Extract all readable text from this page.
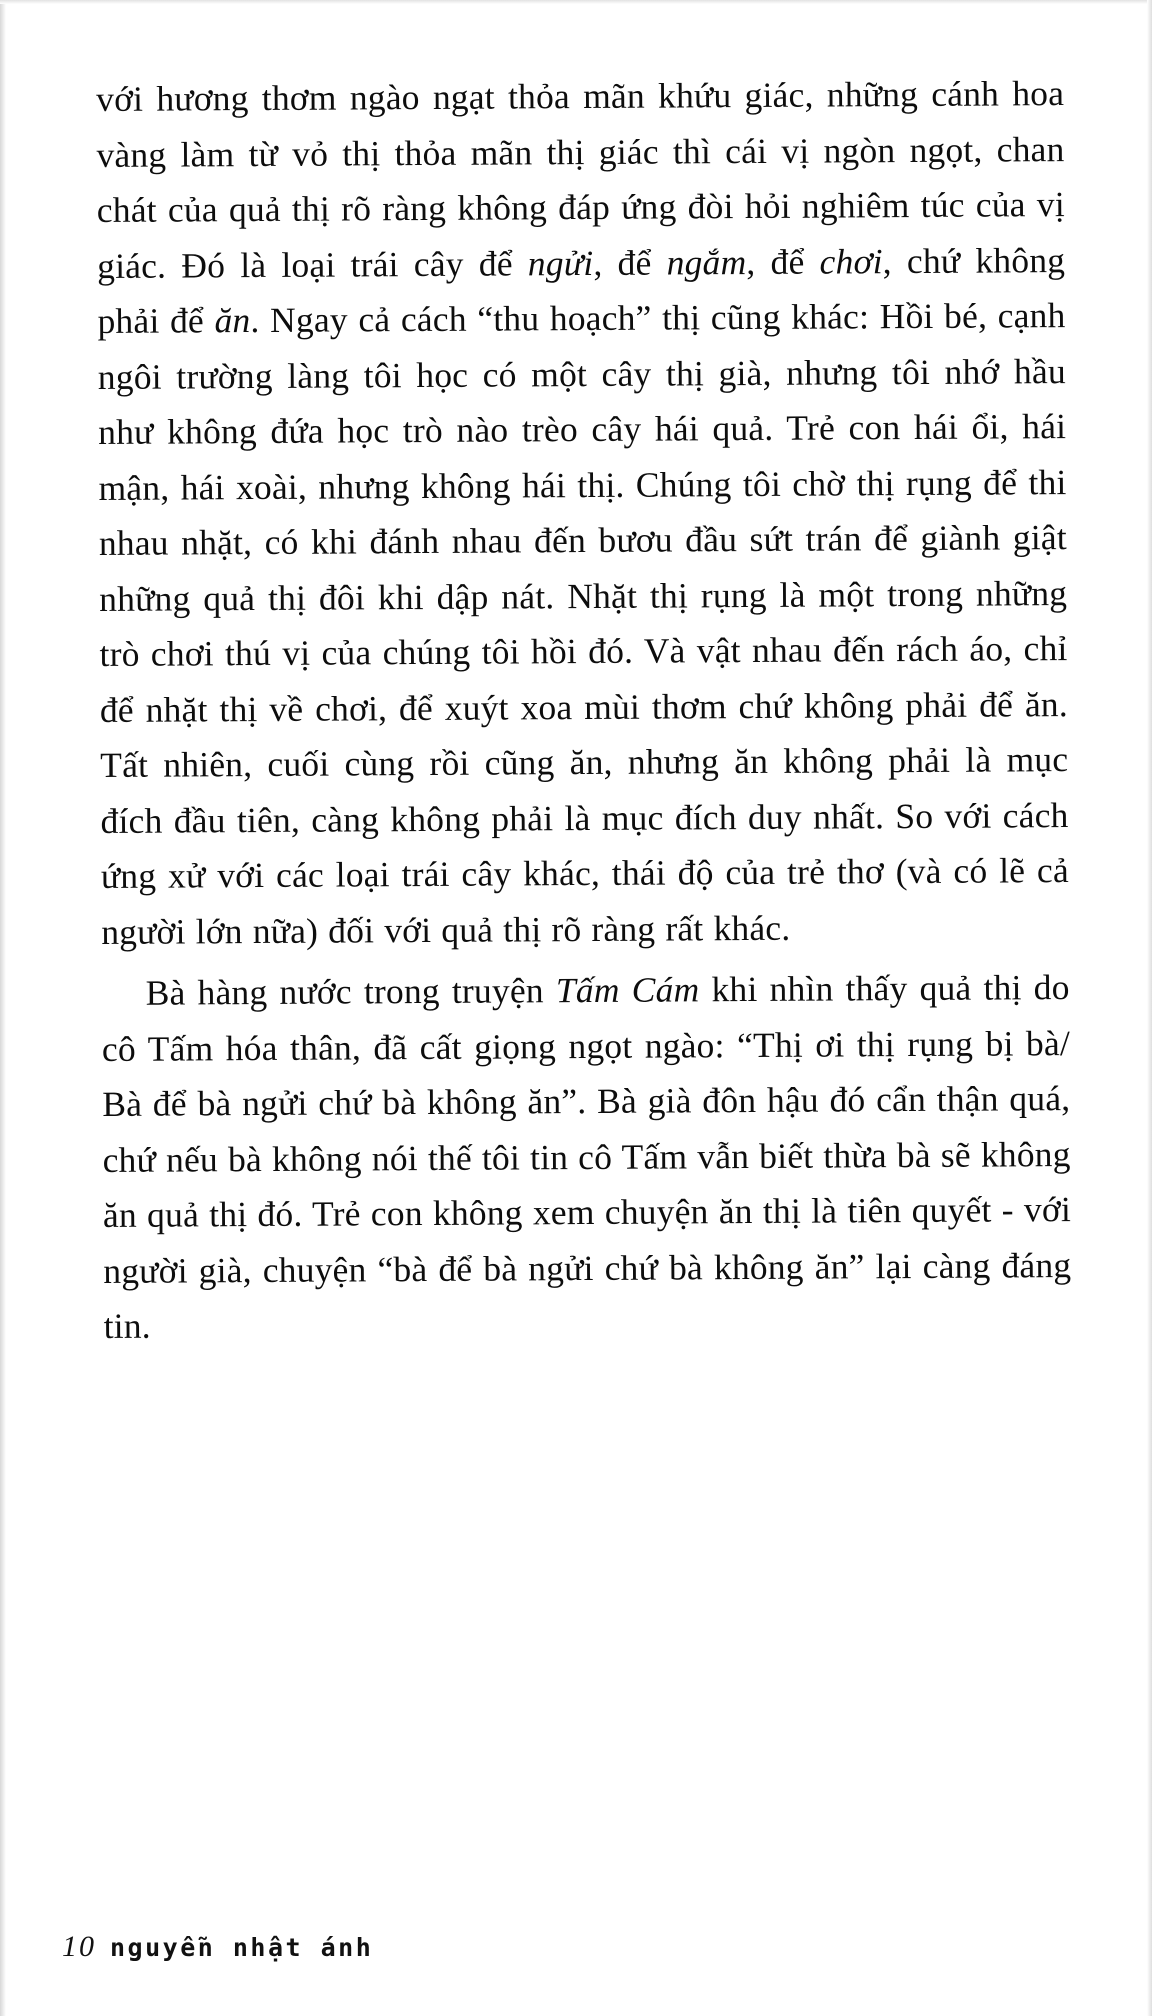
với hương thơm ngào ngạt thỏa mãn khứu giác, những cánh hoa vàng làm từ vỏ thị thỏa mãn thị giác thì cái vị ngòn ngọt, chan chát của quả thị rõ ràng không đáp ứng đòi hỏi nghiêm túc của vị giác. Đó là loại trái cây để ngửi, để ngắm, để chơi, chứ không phải để ăn. Ngay cả cách “thu hoạch” thị cũng khác: Hồi bé, cạnh ngôi trường làng tôi học có một cây thị già, nhưng tôi nhớ hầu như không đứa học trò nào trèo cây hái quả. Trẻ con hái ổi, hái mận, hái xoài, nhưng không hái thị. Chúng tôi chờ thị rụng để thi nhau nhặt, có khi đánh nhau đến bươu đầu sứt trán để giành giật những quả thị đôi khi dập nát. Nhặt thị rụng là một trong những trò chơi thú vị của chúng tôi hồi đó. Và vật nhau đến rách áo, chỉ để nhặt thị về chơi, để xuýt xoa mùi thơm chứ không phải để ăn. Tất nhiên, cuối cùng rồi cũng ăn, nhưng ăn không phải là mục đích đầu tiên, càng không phải là mục đích duy nhất. So với cách ứng xử với các loại trái cây khác, thái độ của trẻ thơ (và có lẽ cả người lớn nữa) đối với quả thị rõ ràng rất khác.

Bà hàng nước trong truyện Tấm Cám khi nhìn thấy quả thị do cô Tấm hóa thân, đã cất giọng ngọt ngào: “Thị ơi thị rụng bị bà/ Bà để bà ngửi chứ bà không ăn”. Bà già đôn hậu đó cẩn thận quá, chứ nếu bà không nói thế tôi tin cô Tấm vẫn biết thừa bà sẽ không ăn quả thị đó. Trẻ con không xem chuyện ăn thị là tiên quyết - với người già, chuyện “bà để bà ngửi chứ bà không ăn” lại càng đáng tin.

10 nguyễn nhật ánh
